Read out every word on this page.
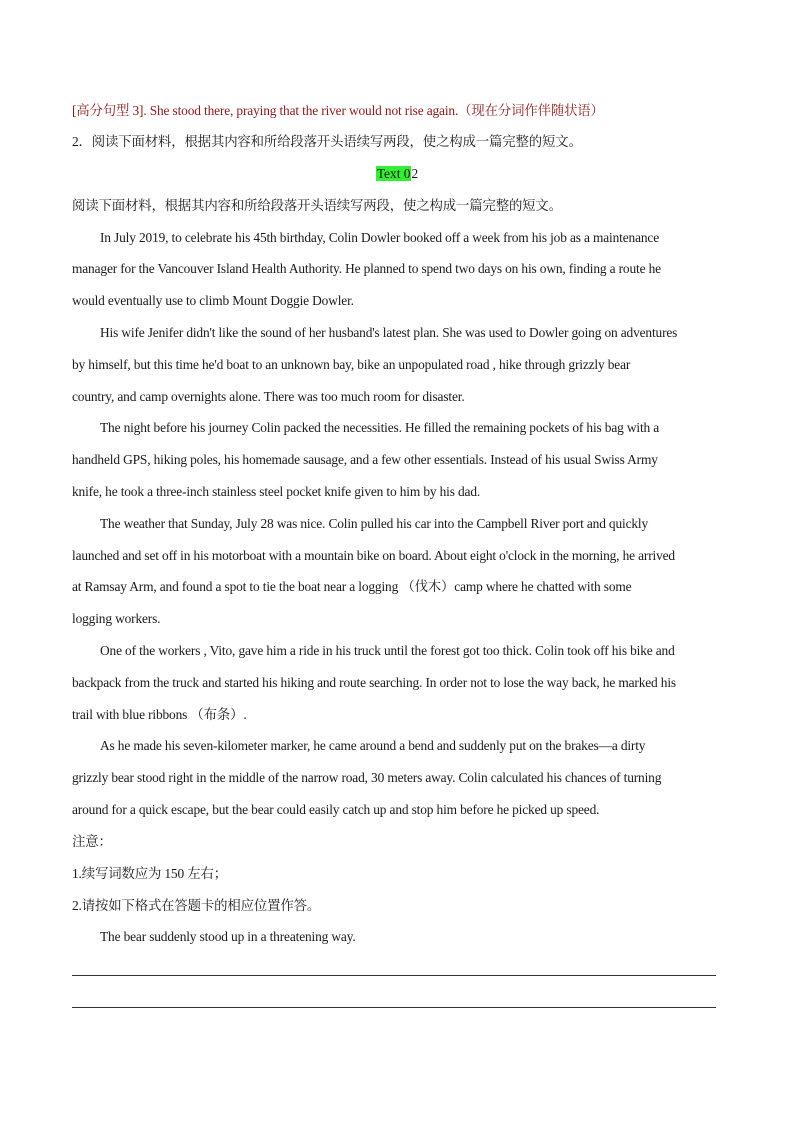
[高分句型 3]. She stood there, praying that the river would not rise again.（现在分词作伴随状语）
2．阅读下面材料，根据其内容和所给段落开头语续写两段，使之构成一篇完整的短文。
Text 02
阅读下面材料，根据其内容和所给段落开头语续写两段，使之构成一篇完整的短文。
In July 2019, to celebrate his 45th birthday, Colin Dowler booked off a week from his job as a maintenance
manager for the Vancouver Island Health Authority. He planned to spend two days on his own, finding a route he
would eventually use to climb Mount Doggie Dowler.
His wife Jenifer didn't like the sound of her husband's latest plan. She was used to Dowler going on adventures
by himself, but this time he'd boat to an unknown bay, bike an unpopulated road , hike through grizzly bear
country, and camp overnights alone. There was too much room for disaster.
The night before his journey Colin packed the necessities. He filled the remaining pockets of his bag with a
handheld GPS, hiking poles, his homemade sausage, and a few other essentials. Instead of his usual Swiss Army
knife, he took a three-inch stainless steel pocket knife given to him by his dad.
The weather that Sunday, July 28 was nice. Colin pulled his car into the Campbell River port and quickly
launched and set off in his motorboat with a mountain bike on board. About eight o'clock in the morning, he arrived
at Ramsay Arm, and found a spot to tie the boat near a logging （伐木）camp where he chatted with some
logging workers.
One of the workers , Vito, gave him a ride in his truck until the forest got too thick. Colin took off his bike and
backpack from the truck and started his hiking and route searching. In order not to lose the way back, he marked his
trail with blue ribbons （布条）.
As he made his seven-kilometer marker, he came around a bend and suddenly put on the brakes—a dirty
grizzly bear stood right in the middle of the narrow road, 30 meters away. Colin calculated his chances of turning
around for a quick escape, but the bear could easily catch up and stop him before he picked up speed.
注意：
1.续写词数应为 150 左右；
2.请按如下格式在答题卡的相应位置作答。
The bear suddenly stood up in a threatening way.
